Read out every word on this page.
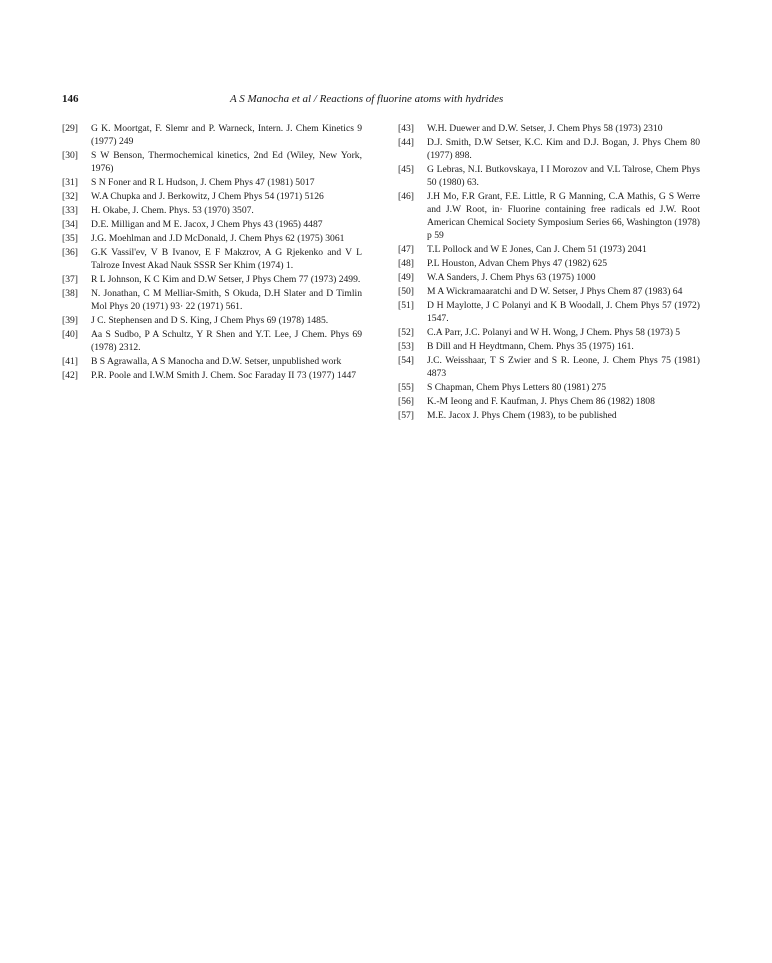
146	A S Manocha et al / Reactions of fluorine atoms with hydrides
[29]	G K. Moortgat, F. Slemr and P. Warneck, Intern. J. Chem Kinetics 9 (1977) 249
[30]	S W Benson, Thermochemical kinetics, 2nd Ed (Wiley, New York, 1976)
[31]	S N Foner and R L Hudson, J. Chem Phys 47 (1981) 5017
[32]	W.A Chupka and J. Berkowitz, J Chem Phys 54 (1971) 5126
[33]	H. Okabe, J. Chem. Phys. 53 (1970) 3507.
[34]	D.E. Milligan and M E. Jacox, J Chem Phys 43 (1965) 4487
[35]	J.G. Moehlman and J.D McDonald, J. Chem Phys 62 (1975) 3061
[36]	G.K Vassil'ev, V B Ivanov, E F Makzrov, A G Rjekenko and V L Talroze Invest Akad Nauk SSSR Ser Khim (1974) 1.
[37]	R L Johnson, K C Kim and D.W Setser, J Phys Chem 77 (1973) 2499.
[38]	N. Jonathan, C M Melliar-Smith, S Okuda, D.H Slater and D Timlin Mol Phys 20 (1971) 93· 22 (1971) 561.
[39]	J C. Stephensen and D S. King, J Chem Phys 69 (1978) 1485.
[40]	Aa S Sudbo, P A Schultz, Y R Shen and Y.T. Lee, J Chem. Phys 69 (1978) 2312.
[41]	B S Agrawalla, A S Manocha and D.W. Setser, unpublished work
[42]	P.R. Poole and I.W.M Smith J. Chem. Soc Faraday II 73 (1977) 1447
[43]	W.H. Duewer and D.W. Setser, J. Chem Phys 58 (1973) 2310
[44]	D.J. Smith, D.W Setser, K.C. Kim and D.J. Bogan, J. Phys Chem 80 (1977) 898.
[45]	G Lebras, N.I. Butkovskaya, I I Morozov and V.L Talrose, Chem Phys 50 (1980) 63.
[46]	J.H Mo, F.R Grant, F.E. Little, R G Manning, C.A Mathis, G S Werre and J.W Root, in· Fluorine containing free radicals ed J.W. Root American Chemical Society Symposium Series 66, Washington (1978) p 59
[47]	T.L Pollock and W E Jones, Can J. Chem 51 (1973) 2041
[48]	P.L Houston, Advan Chem Phys 47 (1982) 625
[49]	W.A Sanders, J. Chem Phys 63 (1975) 1000
[50]	M A Wickramaaratchi and D W. Setser, J Phys Chem 87 (1983) 64
[51]	D H Maylotte, J C Polanyi and K B Woodall, J. Chem Phys 57 (1972) 1547.
[52]	C.A Parr, J.C. Polanyi and W H. Wong, J Chem. Phys 58 (1973) 5
[53]	B Dill and H Heydtmann, Chem. Phys 35 (1975) 161.
[54]	J.C. Weisshaar, T S Zwier and S R. Leone, J. Chem Phys 75 (1981) 4873
[55]	S Chapman, Chem Phys Letters 80 (1981) 275
[56]	K.-M Ieong and F. Kaufman, J. Phys Chem 86 (1982) 1808
[57]	M.E. Jacox J. Phys Chem (1983), to be published
